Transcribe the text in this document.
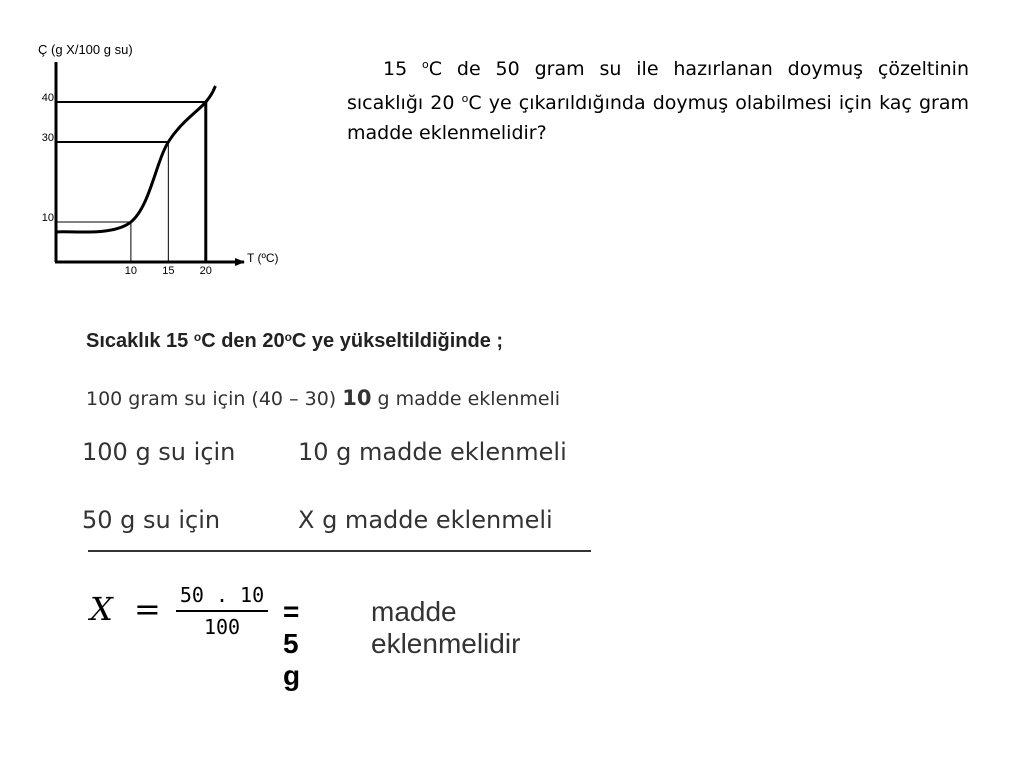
Ç (g X/100 g su)
T (ºC)
10 15 20
10
30
40

15 $^o$C de 50 gram su ile hazırlanan doymuş çözeltinin sıcaklığı 20 $^o$C ye çıkarıldığında doymuş olabilmesi için kaç gram madde eklenmelidir?

Sıcaklık 15 $^o$C den 20$^o$C ye yükseltildiğinde ;

100 gram su için (40 – 30) 10 g madde eklenmeli

100 g su için	10 g madde eklenmeli
50 g su için	X g madde eklenmeli
X = 50 . 10
100	= 5 g
madde eklenmelidir
